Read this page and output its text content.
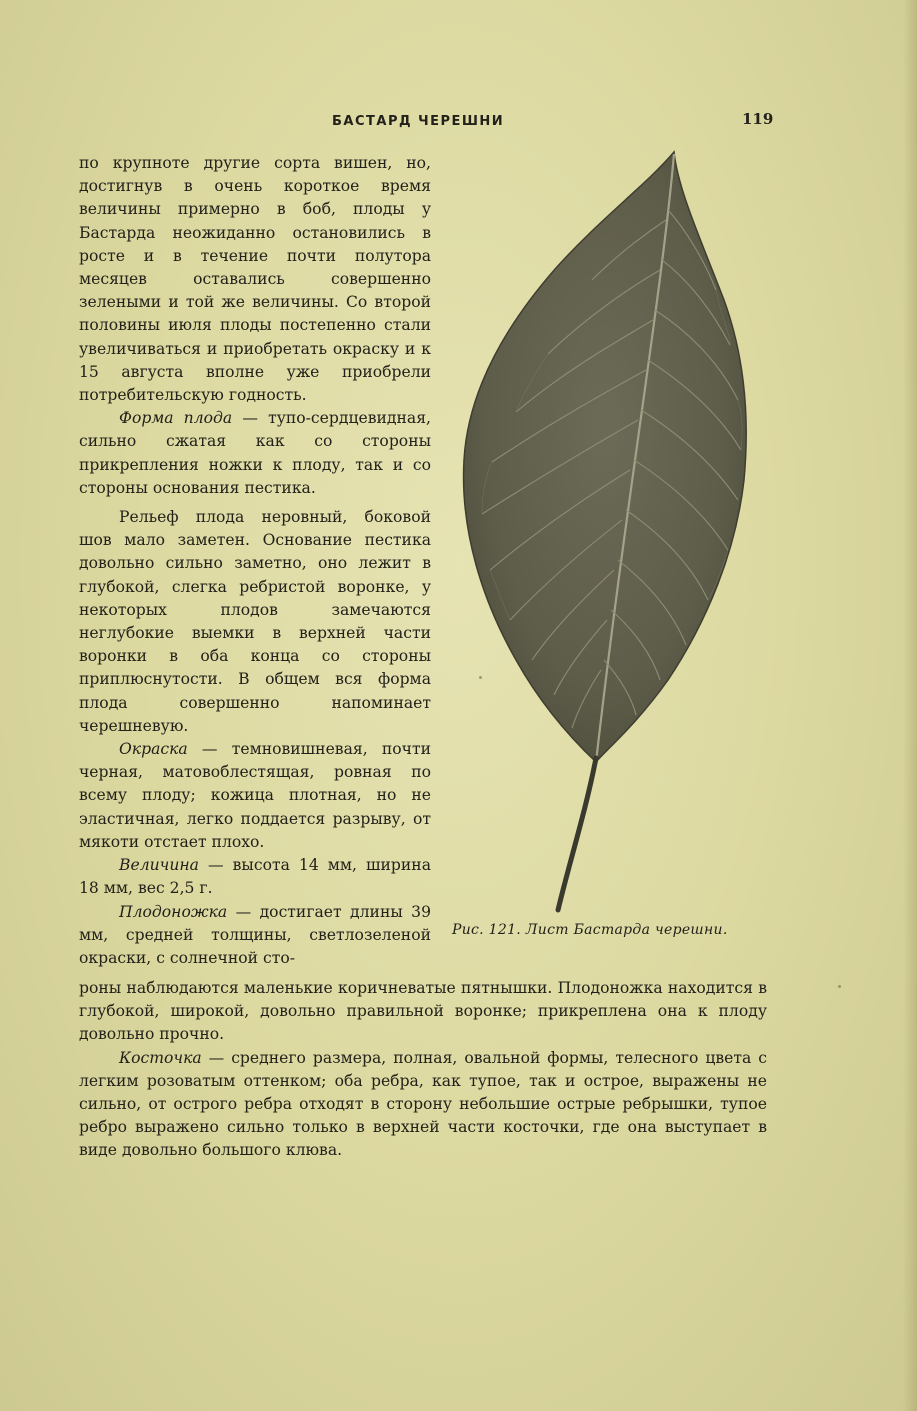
БАСТАРД ЧЕРЕШНИ	119

по крупноте другие сорта вишен, но, достигнув в очень короткое время величины примерно в боб, плоды у Бастарда неожиданно остановились в росте и в течение почти полутора месяцев оставались совершенно зелеными и той же величины. Со второй половины июля плоды постепенно стали увеличиваться и приобретать окраску и к 15 августа вполне уже приобрели потребительскую годность.

Форма плода — тупо-сердцевидная, сильно сжатая как со стороны прикрепления ножки к плоду, так и со стороны основания пестика.

Рельеф плода неровный, боковой шов мало заметен. Основание пестика довольно сильно заметно, оно лежит в глубокой, слегка ребристой воронке, у некоторых плодов замечаются неглубокие выемки в верхней части воронки в оба конца со стороны приплюснутости. В общем вся форма плода совершенно напоминает черешневую.

Окраска — темновишневая, почти черная, матовоблестящая, ровная по всему плоду; кожица плотная, но не эластичная, легко поддается разрыву, от мякоти отстает плохо.

Величина — высота 14 мм, ширина 18 мм, вес 2,5 г.

Плодоножка — достигает длины 39 мм, средней толщины, светлозеленой окраски, с солнечной сто-

Рис. 121. Лист Бастарда черешни.

роны наблюдаются маленькие коричневатые пятнышки. Плодоножка находится в глубокой, широкой, довольно правильной воронке; прикреплена она к плоду довольно прочно.

Косточка — среднего размера, полная, овальной формы, телесного цвета с легким розоватым оттенком; оба ребра, как тупое, так и острое, выражены не сильно, от острого ребра отходят в сторону небольшие острые ребрышки, тупое ребро выражено сильно только в верхней части косточки, где она выступает в виде довольно большого клюва.
